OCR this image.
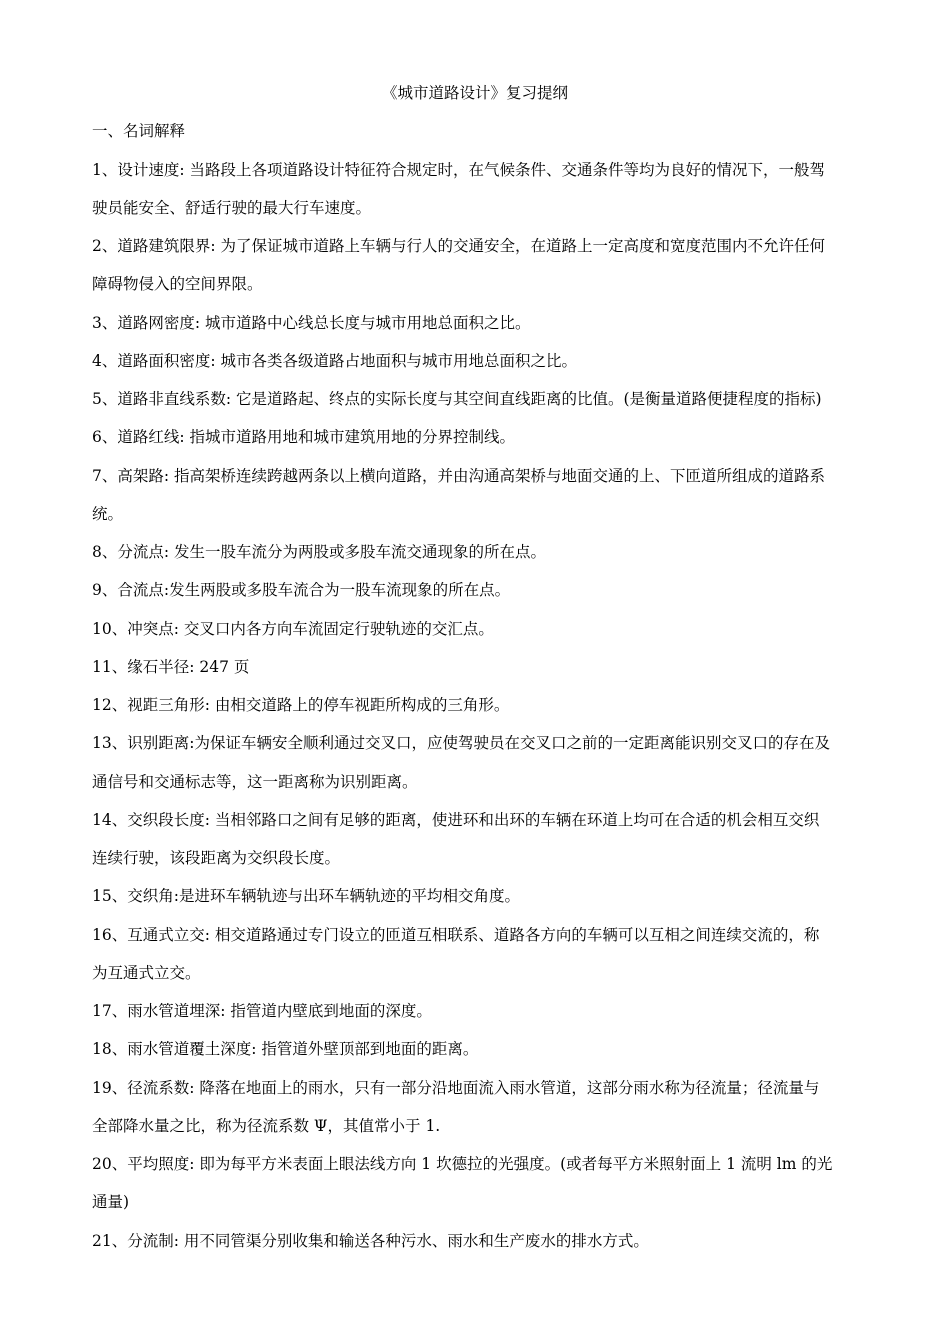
《城市道路设计》复习提纲
一、名词解释
1、设计速度: 当路段上各项道路设计特征符合规定时，在气候条件、交通条件等均为良好的情况下，一般驾
驶员能安全、舒适行驶的最大行车速度。
2、道路建筑限界: 为了保证城市道路上车辆与行人的交通安全，在道路上一定高度和宽度范围内不允许任何
障碍物侵入的空间界限。
3、道路网密度: 城市道路中心线总长度与城市用地总面积之比。
4、道路面积密度: 城市各类各级道路占地面积与城市用地总面积之比。
5、道路非直线系数: 它是道路起、终点的实际长度与其空间直线距离的比值。(是衡量道路便捷程度的指标)
6、道路红线: 指城市道路用地和城市建筑用地的分界控制线。
7、高架路: 指高架桥连续跨越两条以上横向道路，并由沟通高架桥与地面交通的上、下匝道所组成的道路系
统。
8、分流点: 发生一股车流分为两股或多股车流交通现象的所在点。
9、合流点:发生两股或多股车流合为一股车流现象的所在点。
10、冲突点: 交叉口内各方向车流固定行驶轨迹的交汇点。
11、缘石半径: 247 页
12、视距三角形: 由相交道路上的停车视距所构成的三角形。
13、识别距离:为保证车辆安全顺利通过交叉口，应使驾驶员在交叉口之前的一定距离能识别交叉口的存在及
通信号和交通标志等，这一距离称为识别距离。
14、交织段长度: 当相邻路口之间有足够的距离，使进环和出环的车辆在环道上均可在合适的机会相互交织
连续行驶，该段距离为交织段长度。
15、交织角:是进环车辆轨迹与出环车辆轨迹的平均相交角度。
16、互通式立交: 相交道路通过专门设立的匝道互相联系、道路各方向的车辆可以互相之间连续交流的，称
为互通式立交。
17、雨水管道埋深: 指管道内壁底到地面的深度。
18、雨水管道覆土深度: 指管道外壁顶部到地面的距离。
19、径流系数: 降落在地面上的雨水，只有一部分沿地面流入雨水管道，这部分雨水称为径流量；径流量与
全部降水量之比，称为径流系数 Ψ，其值常小于 1.
20、平均照度: 即为每平方米表面上眼法线方向 1 坎德拉的光强度。(或者每平方米照射面上 1 流明 lm 的光
通量)
21、分流制: 用不同管渠分别收集和输送各种污水、雨水和生产废水的排水方式。
